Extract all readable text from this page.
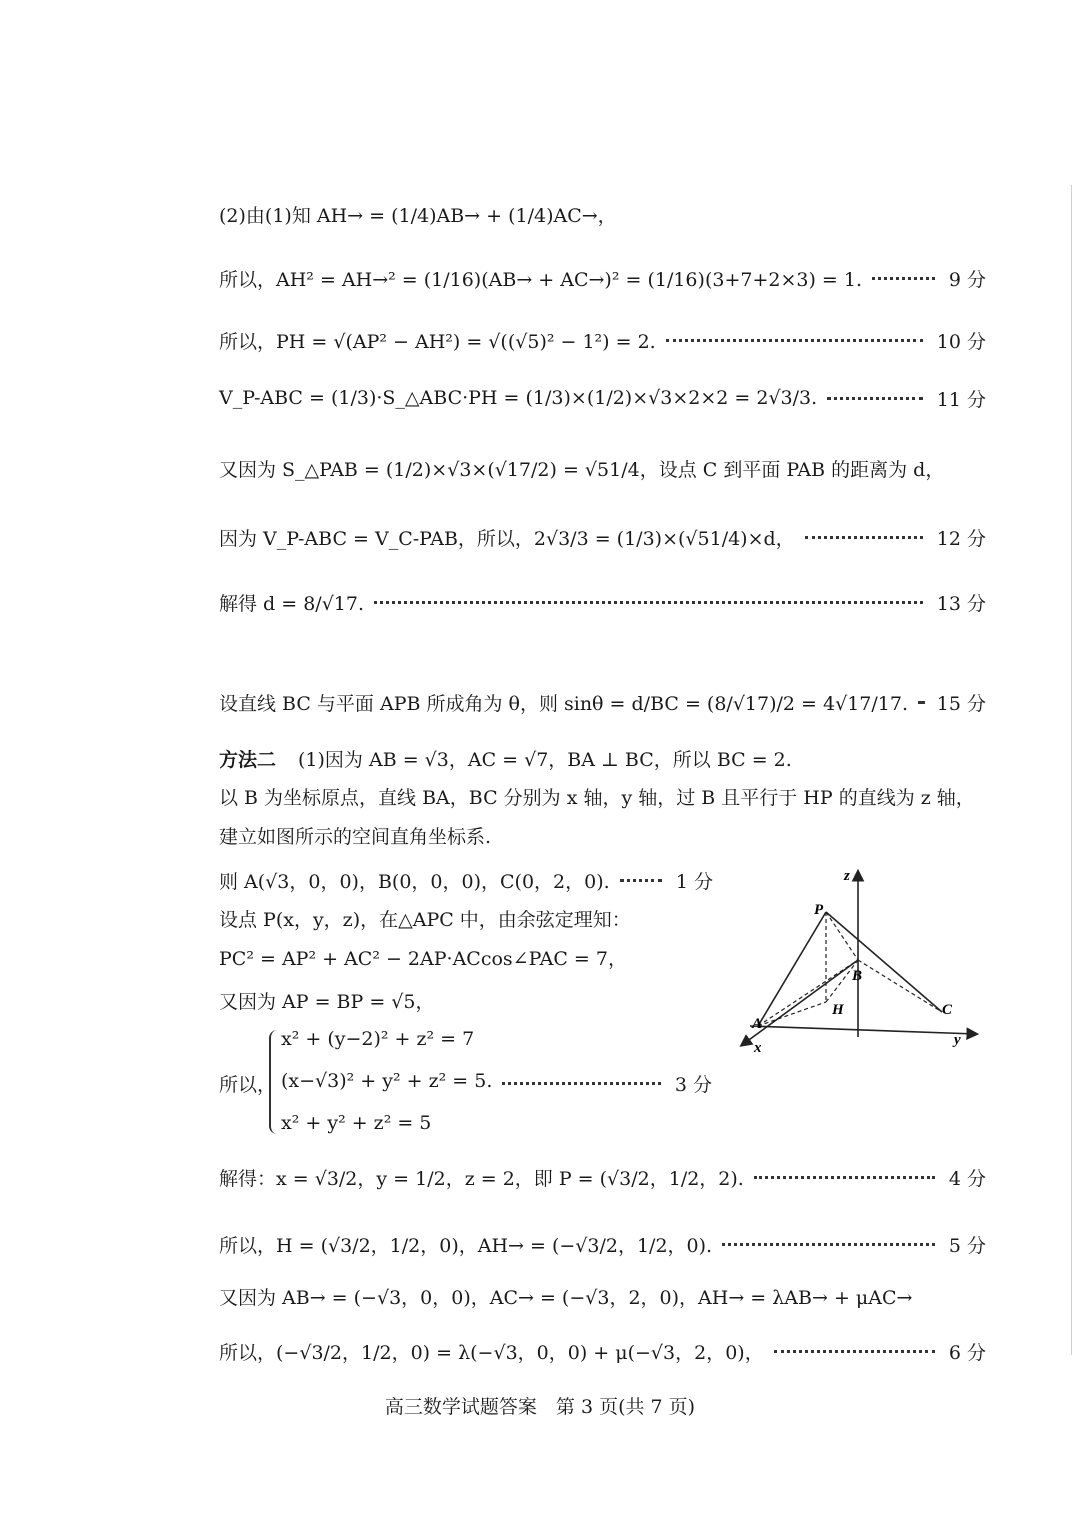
(2)由(1)知 AH→ = (1/4)AB→ + (1/4)AC→，
所以，AH² = AH→² = (1/16)(AB→ + AC→)² = (1/16)(3+7+2×3) = 1.	9 分
所以，PH = √(AP² − AH²) = √((√5)² − 1²) = 2.	10 分
V_P-ABC = (1/3)·S_△ABC·PH = (1/3)×(1/2)×√3×2×2 = 2√3/3.	11 分
又因为 S_△PAB = (1/2)×√3×(√17/2) = √51/4，设点 C 到平面 PAB 的距离为 d，
因为 V_P-ABC = V_C-PAB，所以，2√3/3 = (1/3)×(√51/4)×d，	12 分
解得 d = 8/√17.	13 分
设直线 BC 与平面 APB 所成角为 θ，则 sinθ = d/BC = (8/√17)/2 = 4√17/17. 15 分
方法二 (1)因为 AB = √3，AC = √7，BA ⊥ BC，所以 BC = 2.
以 B 为坐标原点，直线 BA，BC 分别为 x 轴，y 轴，过 B 且平行于 HP 的直线为 z 轴，
建立如图所示的空间直角坐标系.
则 A(√3，0，0)，B(0，0，0)，C(0，2，0).	1 分
设点 P(x，y，z)，在△APC 中，由余弦定理知：
PC² = AP² + AC² − 2AP·ACcos∠PAC = 7，
又因为 AP = BP = √5，
所以，
x² + (y−2)² + z² = 7
(x−√3)² + y² + z² = 5.
x² + y² + z² = 5
3 分
解得：x = √3/2，y = 1/2，z = 2，即 P = (√3/2，1/2，2).	4 分
所以，H = (√3/2，1/2，0)，AH→ = (−√3/2，1/2，0).	5 分
又因为 AB→ = (−√3，0，0)，AC→ = (−√3，2，0)，AH→ = λAB→ + μAC→
所以，(−√3/2，1/2，0) = λ(−√3，0，0) + μ(−√3，2，0)，	6 分
z
P
B
H
A
C
x	y
高三数学试题答案　第 3 页(共 7 页)
